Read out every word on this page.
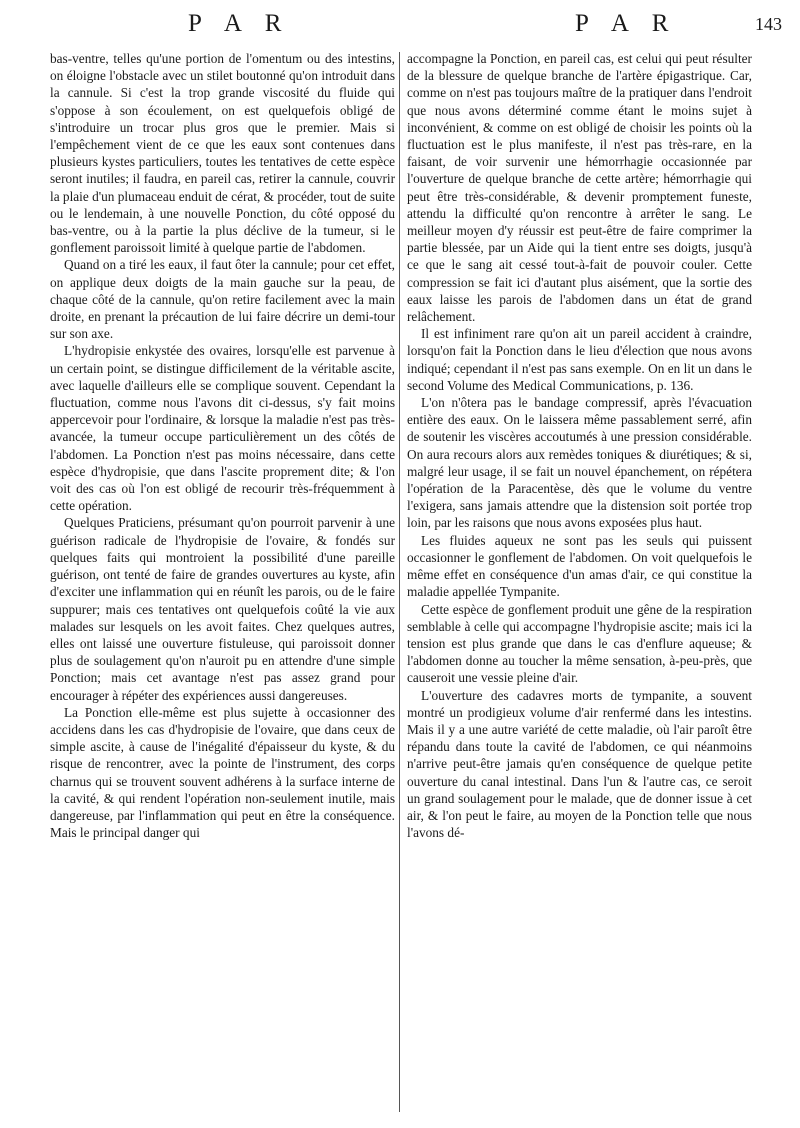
P A R	P A R	143

bas-ventre, telles qu'une portion de l'omentum ou des intestins, on éloigne l'obstacle avec un stilet boutonné qu'on introduit dans la cannule. Si c'est la trop grande viscosité du fluide qui s'oppose à son écoulement, on est quelquefois obligé de s'introduire un trocar plus gros que le premier. Mais si l'empêchement vient de ce que les eaux sont contenues dans plusieurs kystes particuliers, toutes les tentatives de cette espèce seront inutiles; il faudra, en pareil cas, retirer la cannule, couvrir la plaie d'un plumaceau enduit de cérat, & procéder, tout de suite ou le lendemain, à une nouvelle Ponction, du côté opposé du bas-ventre, ou à la partie la plus déclive de la tumeur, si le gonflement paroissoit limité à quelque partie de l'abdomen.

Quand on a tiré les eaux, il faut ôter la cannule; pour cet effet, on applique deux doigts de la main gauche sur la peau, de chaque côté de la cannule, qu'on retire facilement avec la main droite, en prenant la précaution de lui faire décrire un demi-tour sur son axe.

L'hydropisie enkystée des ovaires, lorsqu'elle est parvenue à un certain point, se distingue difficilement de la véritable ascite, avec laquelle d'ailleurs elle se complique souvent. Cependant la fluctuation, comme nous l'avons dit ci-dessus, s'y fait moins appercevoir pour l'ordinaire, & lorsque la maladie n'est pas très-avancée, la tumeur occupe particulièrement un des côtés de l'abdomen. La Ponction n'est pas moins nécessaire, dans cette espèce d'hydropisie, que dans l'ascite proprement dite; & l'on voit des cas où l'on est obligé de recourir très-fréquemment à cette opération.

Quelques Praticiens, présumant qu'on pourroit parvenir à une guérison radicale de l'hydropisie de l'ovaire, & fondés sur quelques faits qui montroient la possibilité d'une pareille guérison, ont tenté de faire de grandes ouvertures au kyste, afin d'exciter une inflammation qui en réunît les parois, ou de le faire suppurer; mais ces tentatives ont quelquefois coûté la vie aux malades sur lesquels on les avoit faites. Chez quelques autres, elles ont laissé une ouverture fistuleuse, qui paroissoit donner plus de soulagement qu'on n'auroit pu en attendre d'une simple Ponction; mais cet avantage n'est pas assez grand pour encourager à répéter des expériences aussi dangereuses.

La Ponction elle-même est plus sujette à occasionner des accidens dans les cas d'hydropisie de l'ovaire, que dans ceux de simple ascite, à cause de l'inégalité d'épaisseur du kyste, & du risque de rencontrer, avec la pointe de l'instrument, des corps charnus qui se trouvent souvent adhérens à la surface interne de la cavité, & qui rendent l'opération non-seulement inutile, mais dangereuse, par l'inflammation qui peut en être la conséquence. Mais le principal danger qui

accompagne la Ponction, en pareil cas, est celui qui peut résulter de la blessure de quelque branche de l'artère épigastrique. Car, comme on n'est pas toujours maître de la pratiquer dans l'endroit que nous avons déterminé comme étant le moins sujet à inconvénient, & comme on est obligé de choisir les points où la fluctuation est le plus manifeste, il n'est pas très-rare, en la faisant, de voir survenir une hémorrhagie occasionnée par l'ouverture de quelque branche de cette artère; hémorrhagie qui peut être très-considérable, & devenir promptement funeste, attendu la difficulté qu'on rencontre à arrêter le sang. Le meilleur moyen d'y réussir est peut-être de faire comprimer la partie blessée, par un Aide qui la tient entre ses doigts, jusqu'à ce que le sang ait cessé tout-à-fait de pouvoir couler. Cette compression se fait ici d'autant plus aisément, que la sortie des eaux laisse les parois de l'abdomen dans un état de grand relâchement.

Il est infiniment rare qu'on ait un pareil accident à craindre, lorsqu'on fait la Ponction dans le lieu d'élection que nous avons indiqué; cependant il n'est pas sans exemple. On en lit un dans le second Volume des Medical Communications, p. 136.

L'on n'ôtera pas le bandage compressif, après l'évacuation entière des eaux. On le laissera même passablement serré, afin de soutenir les viscères accoutumés à une pression considérable. On aura recours alors aux remèdes toniques & diurétiques; & si, malgré leur usage, il se fait un nouvel épanchement, on répétera l'opération de la Paracentèse, dès que le volume du ventre l'exigera, sans jamais attendre que la distension soit portée trop loin, par les raisons que nous avons exposées plus haut.

Les fluides aqueux ne sont pas les seuls qui puissent occasionner le gonflement de l'abdomen. On voit quelquefois le même effet en conséquence d'un amas d'air, ce qui constitue la maladie appellée Tympanite.

Cette espèce de gonflement produit une gêne de la respiration semblable à celle qui accompagne l'hydropisie ascite; mais ici la tension est plus grande que dans le cas d'enflure aqueuse; & l'abdomen donne au toucher la même sensation, à-peu-près, que causeroit une vessie pleine d'air.

L'ouverture des cadavres morts de tympanite, a souvent montré un prodigieux volume d'air renfermé dans les intestins. Mais il y a une autre variété de cette maladie, où l'air paroît être répandu dans toute la cavité de l'abdomen, ce qui néanmoins n'arrive peut-être jamais qu'en conséquence de quelque petite ouverture du canal intestinal. Dans l'un & l'autre cas, ce seroit un grand soulagement pour le malade, que de donner issue à cet air, & l'on peut le faire, au moyen de la Ponction telle que nous l'avons dé-
